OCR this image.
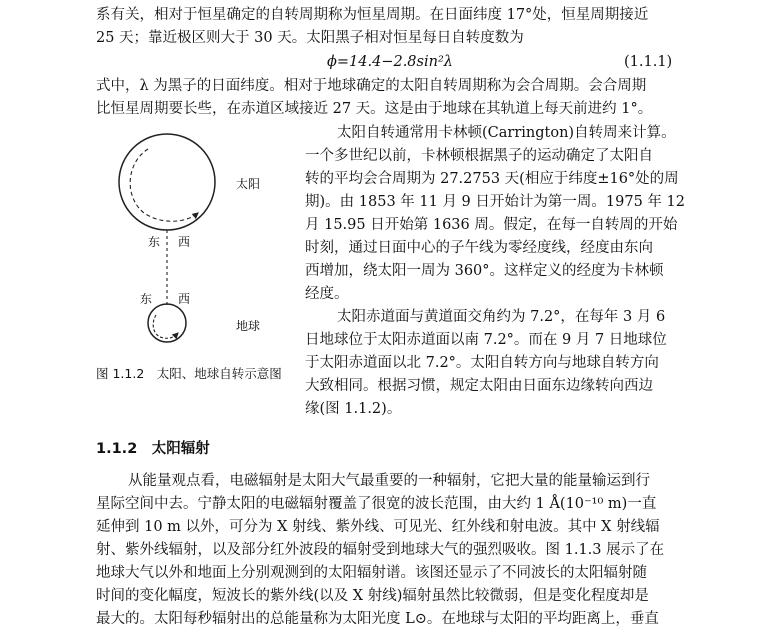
系有关，相对于恒星确定的自转周期称为恒星周期。在日面纬度 17°处，恒星周期接近
25 天；靠近极区则大于 30 天。太阳黑子相对恒星每日自转度数为
ϕ=14.4−2.8sin²λ	(1.1.1)
式中，λ 为黑子的日面纬度。相对于地球确定的太阳自转周期称为会合周期。会合周期
比恒星周期要长些，在赤道区域接近 27 天。这是由于地球在其轨道上每天前进约 1°。
太阳
东 西
东 西
地球
图 1.1.2　太阳、地球自转示意图
太阳自转通常用卡林顿(Carrington)自转周来计算。
一个多世纪以前，卡林顿根据黑子的运动确定了太阳自
转的平均会合周期为 27.2753 天(相应于纬度±16°处的周
期)。由 1853 年 11 月 9 日开始计为第一周。1975 年 12
月 15.95 日开始第 1636 周。假定，在每一自转周的开始
时刻，通过日面中心的子午线为零经度线，经度由东向
西增加，绕太阳一周为 360°。这样定义的经度为卡林顿
经度。
太阳赤道面与黄道面交角约为 7.2°，在每年 3 月 6
日地球位于太阳赤道面以南 7.2°。而在 9 月 7 日地球位
于太阳赤道面以北 7.2°。太阳自转方向与地球自转方向
大致相同。根据习惯，规定太阳由日面东边缘转向西边
缘(图 1.1.2)。
1.1.2　 太阳辐射
从能量观点看，电磁辐射是太阳大气最重要的一种辐射，它把大量的能量输运到行
星际空间中去。宁静太阳的电磁辐射覆盖了很宽的波长范围，由大约 1 Å(10⁻¹⁰ m)一直
延伸到 10 m 以外，可分为 X 射线、紫外线、可见光、红外线和射电波。其中 X 射线辐
射、紫外线辐射，以及部分红外波段的辐射受到地球大气的强烈吸收。图 1.1.3 展示了在
地球大气以外和地面上分别观测到的太阳辐射谱。该图还显示了不同波长的太阳辐射随
时间的变化幅度，短波长的紫外线(以及 X 射线)辐射虽然比较微弱，但是变化程度却是
最大的。太阳每秒辐射出的总能量称为太阳光度 L⊙。在地球与太阳的平均距离上，垂直
